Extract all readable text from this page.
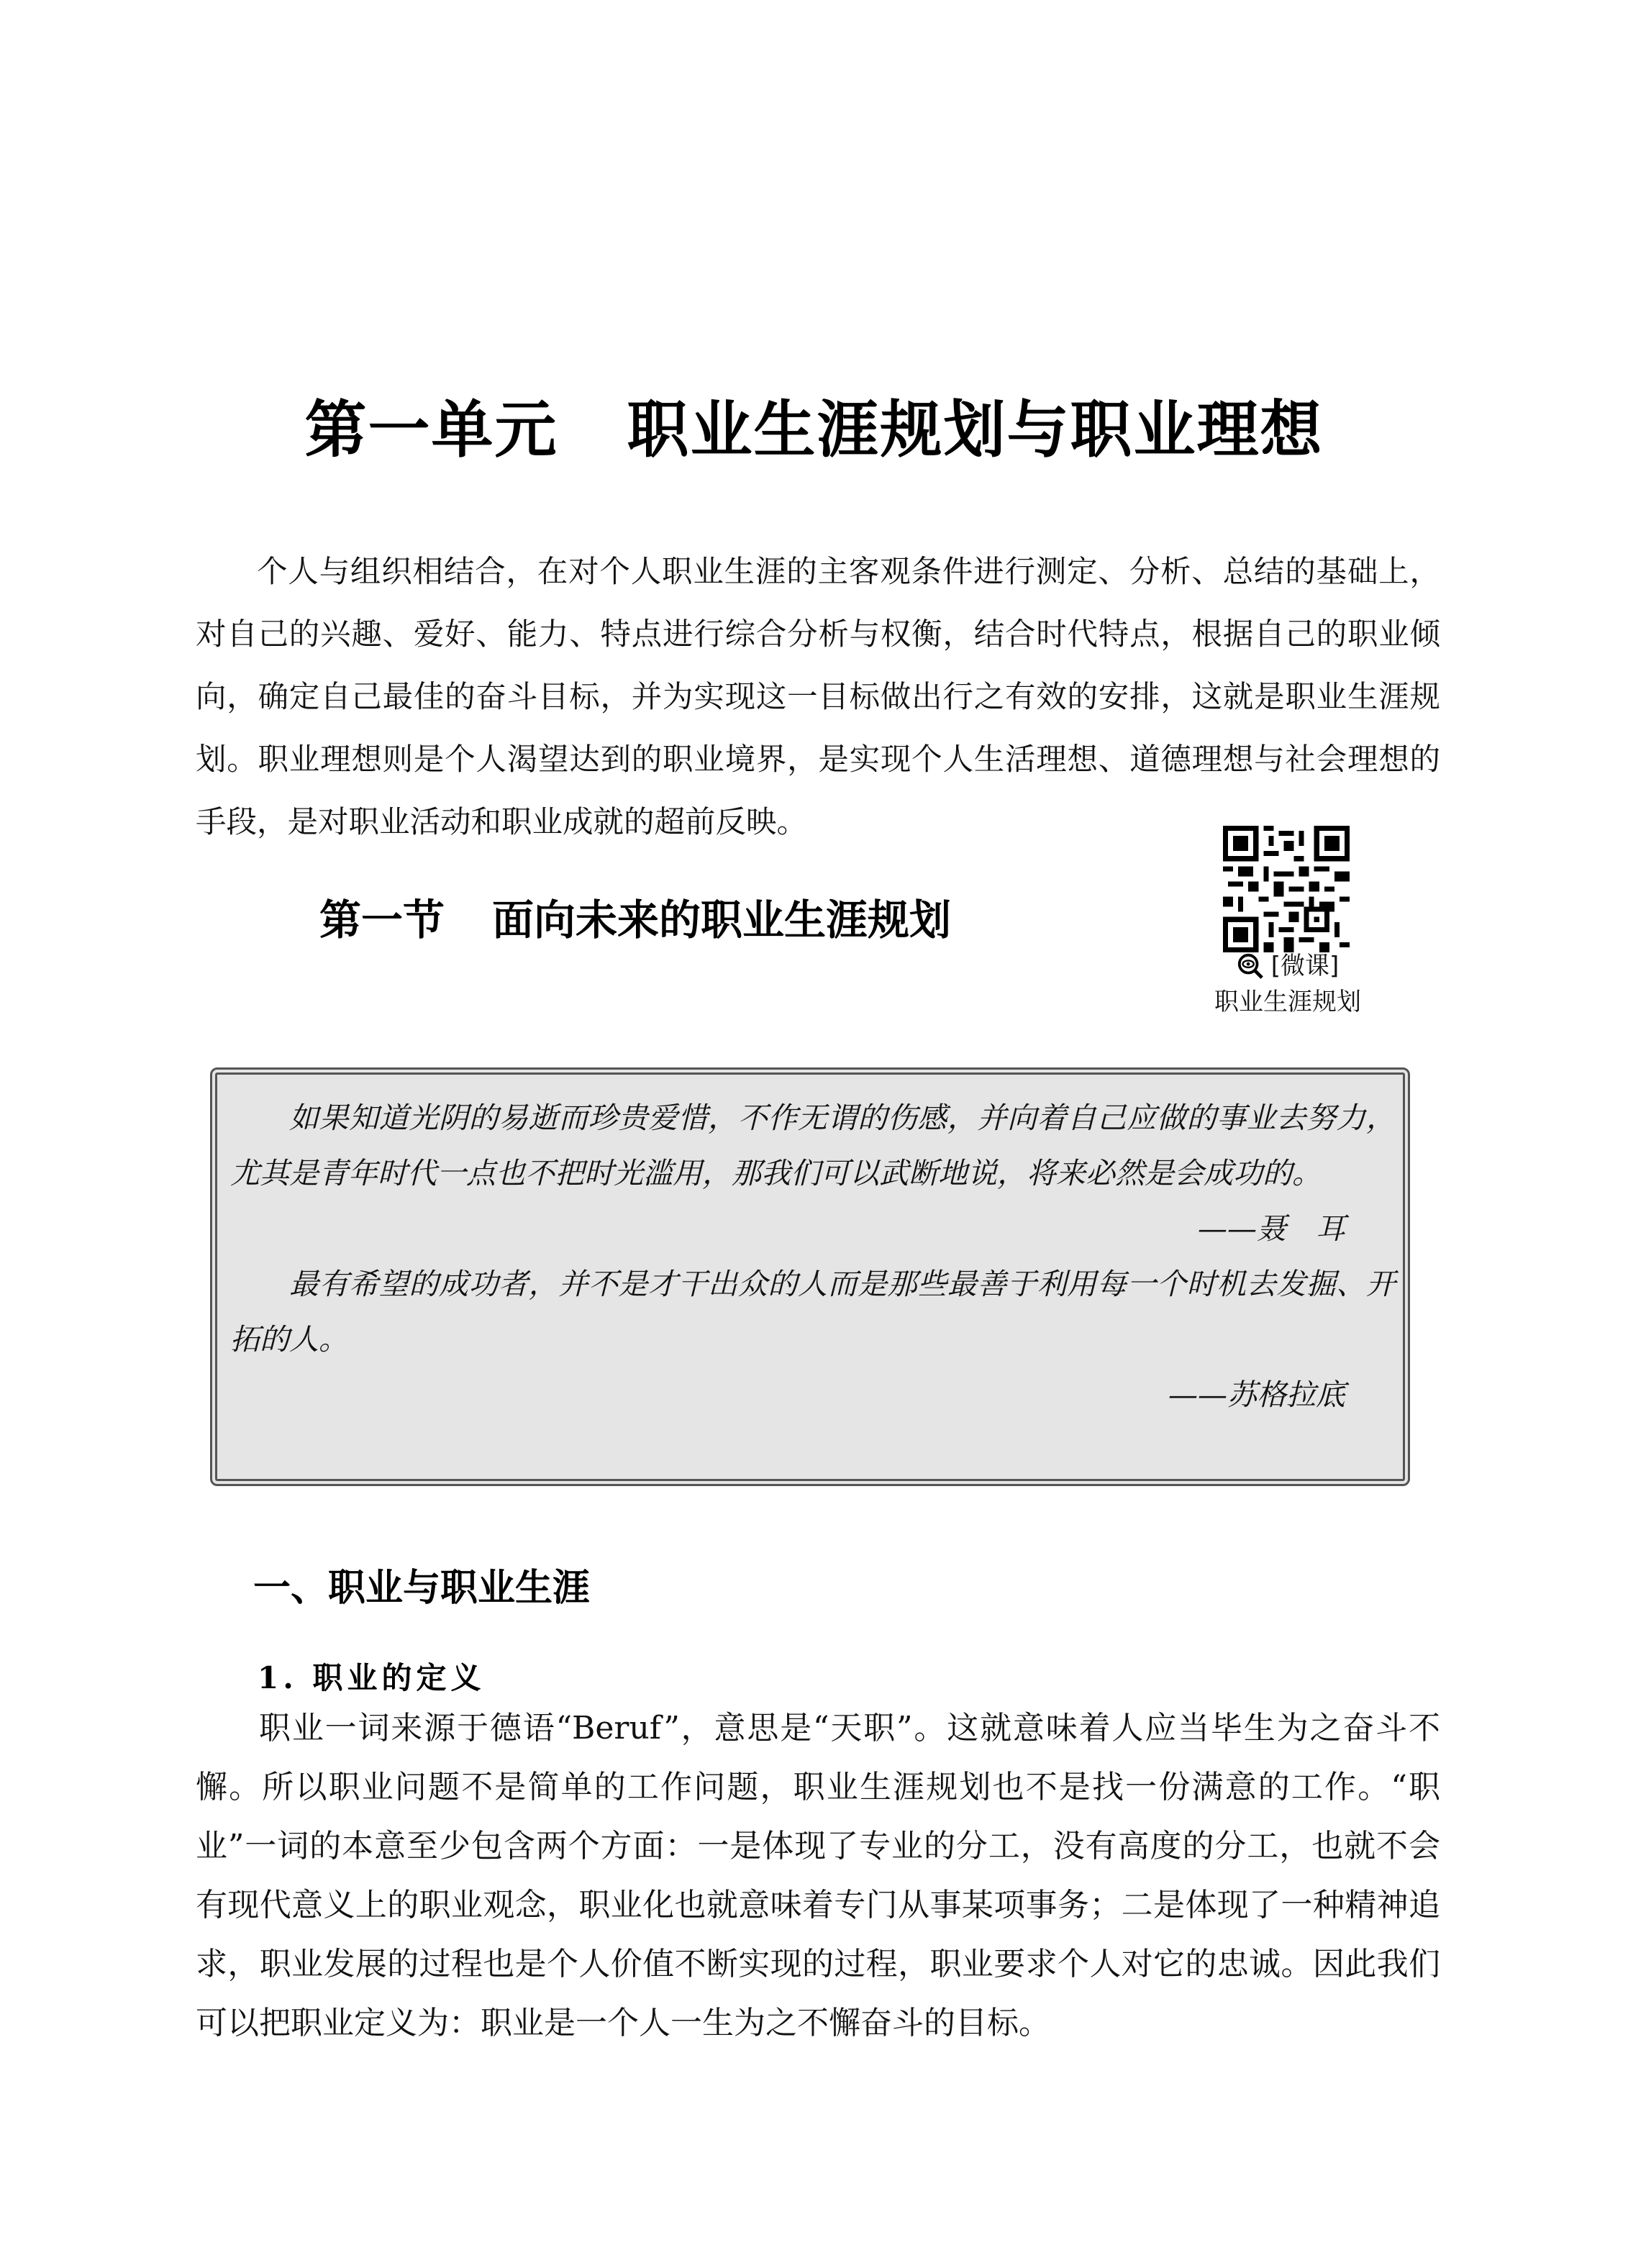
第一单元 职业生涯规划与职业理想
个人与组织相结合，在对个人职业生涯的主客观条件进行测定、分析、总结的基础上，对自己的兴趣、爱好、能力、特点进行综合分析与权衡，结合时代特点，根据自己的职业倾向，确定自己最佳的奋斗目标，并为实现这一目标做出行之有效的安排，这就是职业生涯规划。职业理想则是个人渴望达到的职业境界，是实现个人生活理想、道德理想与社会理想的手段，是对职业活动和职业成就的超前反映。
第一节 面向未来的职业生涯规划
[微课]
职业生涯规划

如果知道光阴的易逝而珍贵爱惜，不作无谓的伤感，并向着自己应做的事业去努力，尤其是青年时代一点也不把时光滥用，那我们可以武断地说，将来必然是会成功的。

——聂　耳

最有希望的成功者，并不是才干出众的人而是那些最善于利用每一个时机去发掘、开拓的人。

——苏格拉底

一、职业与职业生涯
1. 职业的定义
职业一词来源于德语“Beruf”，意思是“天职”。这就意味着人应当毕生为之奋斗不懈。所以职业问题不是简单的工作问题，职业生涯规划也不是找一份满意的工作。“职业”一词的本意至少包含两个方面：一是体现了专业的分工，没有高度的分工，也就不会有现代意义上的职业观念，职业化也就意味着专门从事某项事务；二是体现了一种精神追求，职业发展的过程也是个人价值不断实现的过程，职业要求个人对它的忠诚。因此我们可以把职业定义为：职业是一个人一生为之不懈奋斗的目标。
